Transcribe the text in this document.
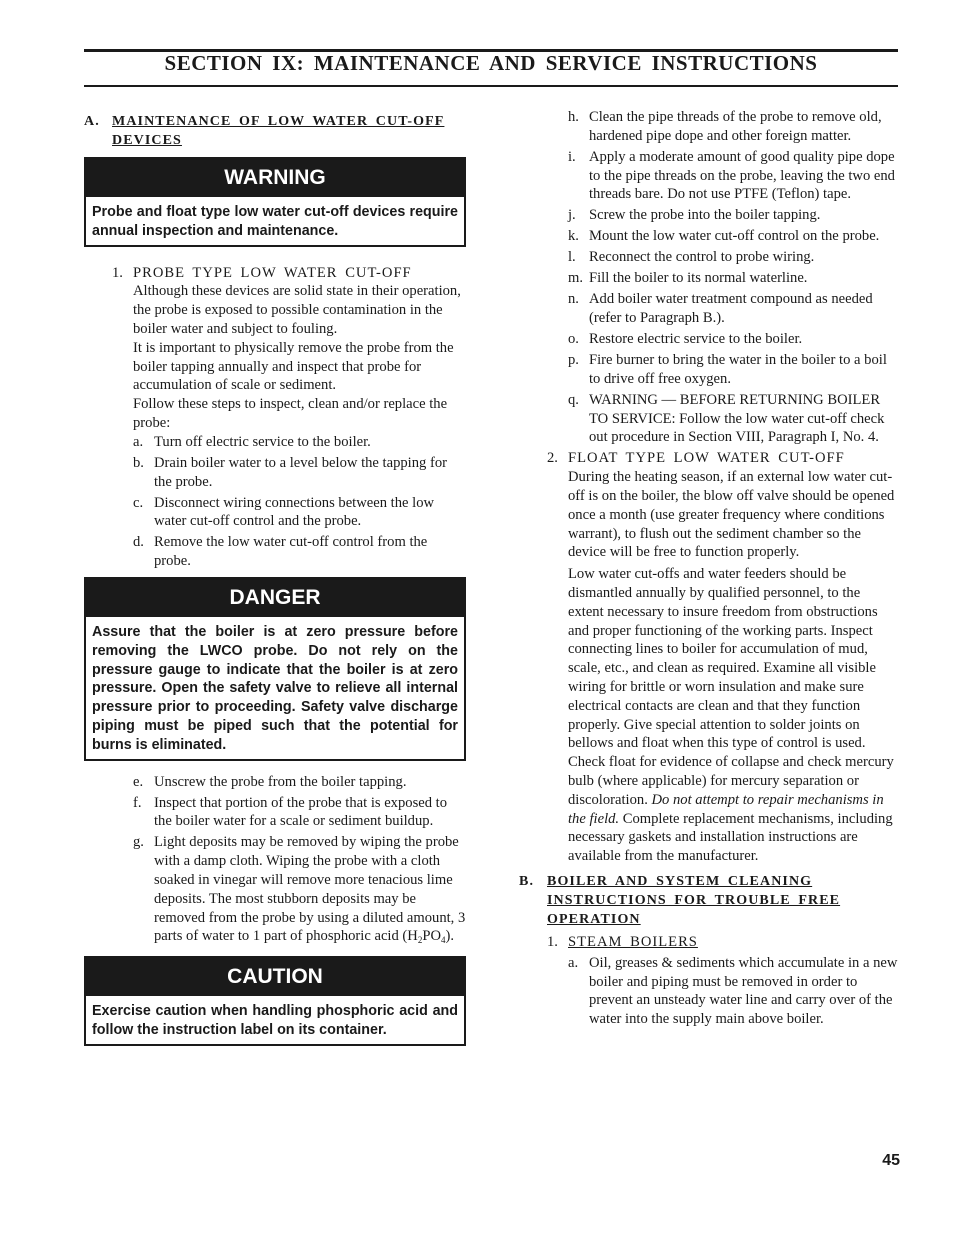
SECTION IX: MAINTENANCE AND SERVICE INSTRUCTIONS
A. MAINTENANCE OF LOW WATER CUT-OFF DEVICES
WARNING
Probe and float type low water cut-off devices require annual inspection and maintenance.
1. PROBE TYPE LOW WATER CUT-OFF

Although these devices are solid state in their operation, the probe is exposed to possible contamination in the boiler water and subject to fouling.

It is important to physically remove the probe from the boiler tapping annually and inspect that probe for accumulation of scale or sediment.

Follow these steps to inspect, clean and/or replace the probe:

a. Turn off electric service to the boiler.
b. Drain boiler water to a level below the tapping for the probe.
c. Disconnect wiring connections between the low water cut-off control and the probe.
d. Remove the low water cut-off control from the probe.
DANGER
Assure that the boiler is at zero pressure before removing the LWCO probe. Do not rely on the pressure gauge to indicate that the boiler is at zero pressure. Open the safety valve to relieve all internal pressure prior to proceeding. Safety valve discharge piping must be piped such that the potential for burns is eliminated.
e. Unscrew the probe from the boiler tapping.
f. Inspect that portion of the probe that is exposed to the boiler water for a scale or sediment buildup.
g. Light deposits may be removed by wiping the probe with a damp cloth. Wiping the probe with a cloth soaked in vinegar will remove more tenacious lime deposits. The most stubborn deposits may be removed from the probe by using a diluted amount, 3 parts of water to 1 part of phosphoric acid $(H_2PO_4)$.
CAUTION
Exercise caution when handling phosphoric acid and follow the instruction label on its container.
h. Clean the pipe threads of the probe to remove old, hardened pipe dope and other foreign matter.
i. Apply a moderate amount of good quality pipe dope to the pipe threads on the probe, leaving the two end threads bare. Do not use PTFE (Teflon) tape.
j. Screw the probe into the boiler tapping.
k. Mount the low water cut-off control on the probe.
l. Reconnect the control to probe wiring.
m. Fill the boiler to its normal waterline.
n. Add boiler water treatment compound as needed (refer to Paragraph B.).
o. Restore electric service to the boiler.
p. Fire burner to bring the water in the boiler to a boil to drive off free oxygen.
q. WARNING — BEFORE RETURNING BOILER TO SERVICE: Follow the low water cut-off check out procedure in Section VIII, Paragraph I, No. 4.
2. FLOAT TYPE LOW WATER CUT-OFF

During the heating season, if an external low water cut-off is on the boiler, the blow off valve should be opened once a month (use greater frequency where conditions warrant), to flush out the sediment chamber so the device will be free to function properly.

Low water cut-offs and water feeders should be dismantled annually by qualified personnel, to the extent necessary to insure freedom from obstructions and proper functioning of the working parts. Inspect connecting lines to boiler for accumulation of mud, scale, etc., and clean as required. Examine all visible wiring for brittle or worn insulation and make sure electrical contacts are clean and that they function properly. Give special attention to solder joints on bellows and float when this type of control is used. Check float for evidence of collapse and check mercury bulb (where applicable) for mercury separation or discoloration. Do not attempt to repair mechanisms in the field. Complete replacement mechanisms, including necessary gaskets and installation instructions are available from the manufacturer.

B. BOILER AND SYSTEM CLEANING INSTRUCTIONS FOR TROUBLE FREE OPERATION
1. STEAM BOILERS
a. Oil, greases & sediments which accumulate in a new boiler and piping must be removed in order to prevent an unsteady water line and carry over of the water into the supply main above boiler.
45
